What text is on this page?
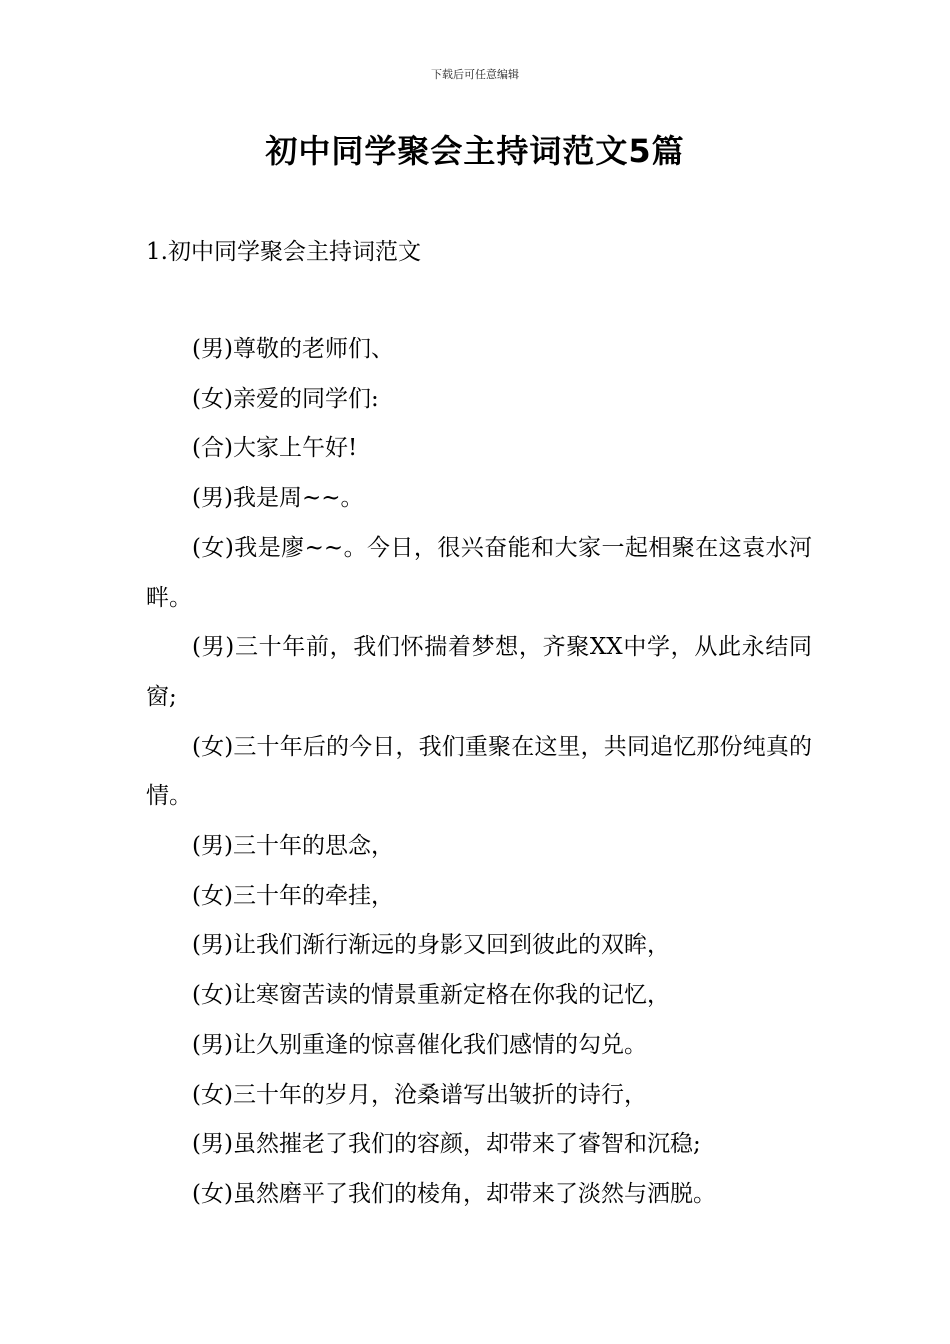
下载后可任意编辑
初中同学聚会主持词范文5篇
1.初中同学聚会主持词范文

(男)尊敬的老师们、

(女)亲爱的同学们:

(合)大家上午好!

(男)我是周~~。

(女)我是廖~~。今日，很兴奋能和大家一起相聚在这袁水河畔。

(男)三十年前，我们怀揣着梦想，齐聚XX中学，从此永结同窗;

(女)三十年后的今日，我们重聚在这里，共同追忆那份纯真的情。

(男)三十年的思念，

(女)三十年的牵挂，

(男)让我们渐行渐远的身影又回到彼此的双眸，

(女)让寒窗苦读的情景重新定格在你我的记忆，

(男)让久别重逢的惊喜催化我们感情的勾兑。

(女)三十年的岁月，沧桑谱写出皱折的诗行，

(男)虽然摧老了我们的容颜，却带来了睿智和沉稳;

(女)虽然磨平了我们的棱角，却带来了淡然与洒脱。
